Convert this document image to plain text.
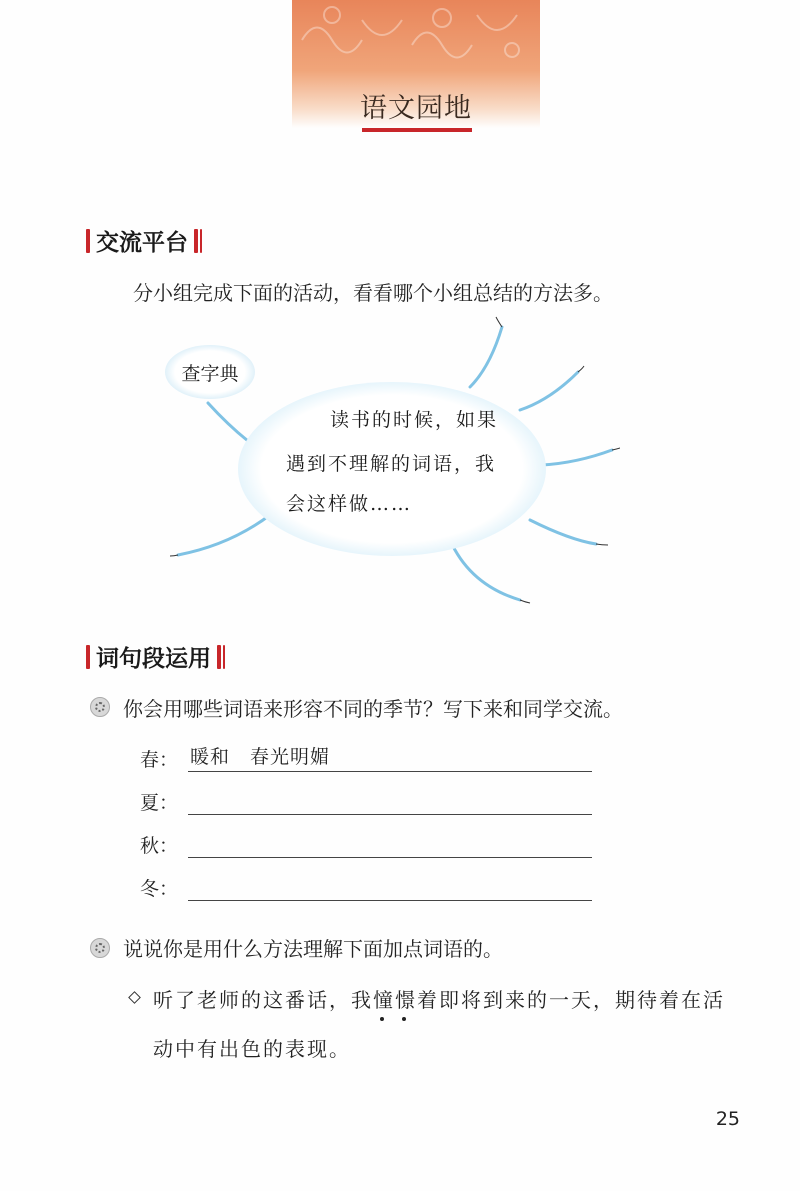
语文园地
交流平台
分小组完成下面的活动，看看哪个小组总结的方法多。
查字典
读书的时候，如果
遇到不理解的词语，我
会这样做……
词句段运用
你会用哪些词语来形容不同的季节？写下来和同学交流。
春： 暖和　春光明媚
夏：
秋：
冬：
说说你是用什么方法理解下面加点词语的。
听了老师的这番话，我憧
憬
着即将到来的一天，期待着在活
动中有出色的表现。
25
